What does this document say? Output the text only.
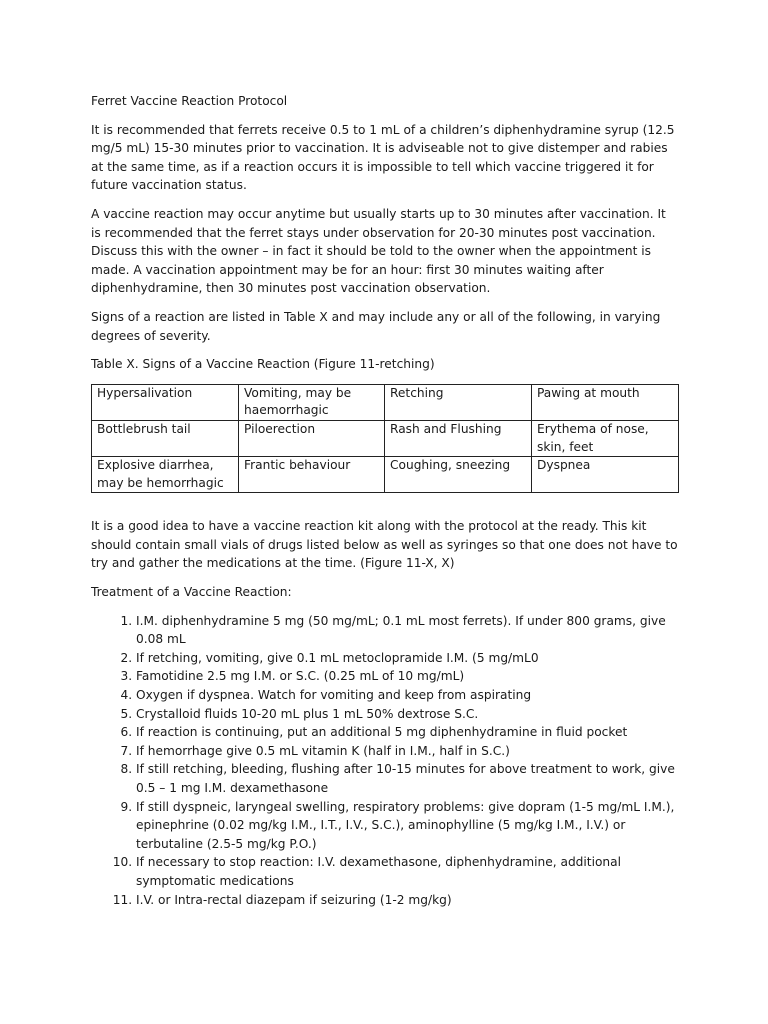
Ferret Vaccine Reaction Protocol

It is recommended that ferrets receive 0.5 to 1 mL of a children’s diphenhydramine syrup (12.5 mg/5 mL) 15-30 minutes prior to vaccination. It is adviseable not to give distemper and rabies at the same time, as if a reaction occurs it is impossible to tell which vaccine triggered it for future vaccination status.

A vaccine reaction may occur anytime but usually starts up to 30 minutes after vaccination. It is recommended that the ferret stays under observation for 20-30 minutes post vaccination. Discuss this with the owner – in fact it should be told to the owner when the appointment is made. A vaccination appointment may be for an hour: first 30 minutes waiting after diphenhydramine, then 30 minutes post vaccination observation.

Signs of a reaction are listed in Table X and may include any or all of the following, in varying degrees of severity.

Table X. Signs of a Vaccine Reaction (Figure 11-retching)

Hypersalivation	Vomiting, may be haemorrhagic	Retching	Pawing at mouth
Bottlebrush tail	Piloerection	Rash and Flushing	Erythema of nose, skin, feet
Explosive diarrhea, may be hemorrhagic	Frantic behaviour	Coughing, sneezing	Dyspnea

It is a good idea to have a vaccine reaction kit along with the protocol at the ready. This kit should contain small vials of drugs listed below as well as syringes so that one does not have to try and gather the medications at the time. (Figure 11-X, X)

Treatment of a Vaccine Reaction:

1. I.M. diphenhydramine 5 mg (50 mg/mL; 0.1 mL most ferrets). If under 800 grams, give 0.08 mL
2. If retching, vomiting, give 0.1 mL metoclopramide I.M. (5 mg/mL0
3. Famotidine 2.5 mg I.M. or S.C. (0.25 mL of 10 mg/mL)
4. Oxygen if dyspnea. Watch for vomiting and keep from aspirating
5. Crystalloid fluids 10-20 mL plus 1 mL 50% dextrose S.C.
6. If reaction is continuing, put an additional 5 mg diphenhydramine in fluid pocket
7. If hemorrhage give 0.5 mL vitamin K (half in I.M., half in S.C.)
8. If still retching, bleeding, flushing after 10-15 minutes for above treatment to work, give 0.5 – 1 mg I.M. dexamethasone
9. If still dyspneic, laryngeal swelling, respiratory problems: give dopram (1-5 mg/mL I.M.), epinephrine (0.02 mg/kg I.M., I.T., I.V., S.C.), aminophylline (5 mg/kg I.M., I.V.) or terbutaline (2.5-5 mg/kg P.O.)
10. If necessary to stop reaction: I.V. dexamethasone, diphenhydramine, additional symptomatic medications
11. I.V. or Intra-rectal diazepam if seizuring (1-2 mg/kg)
